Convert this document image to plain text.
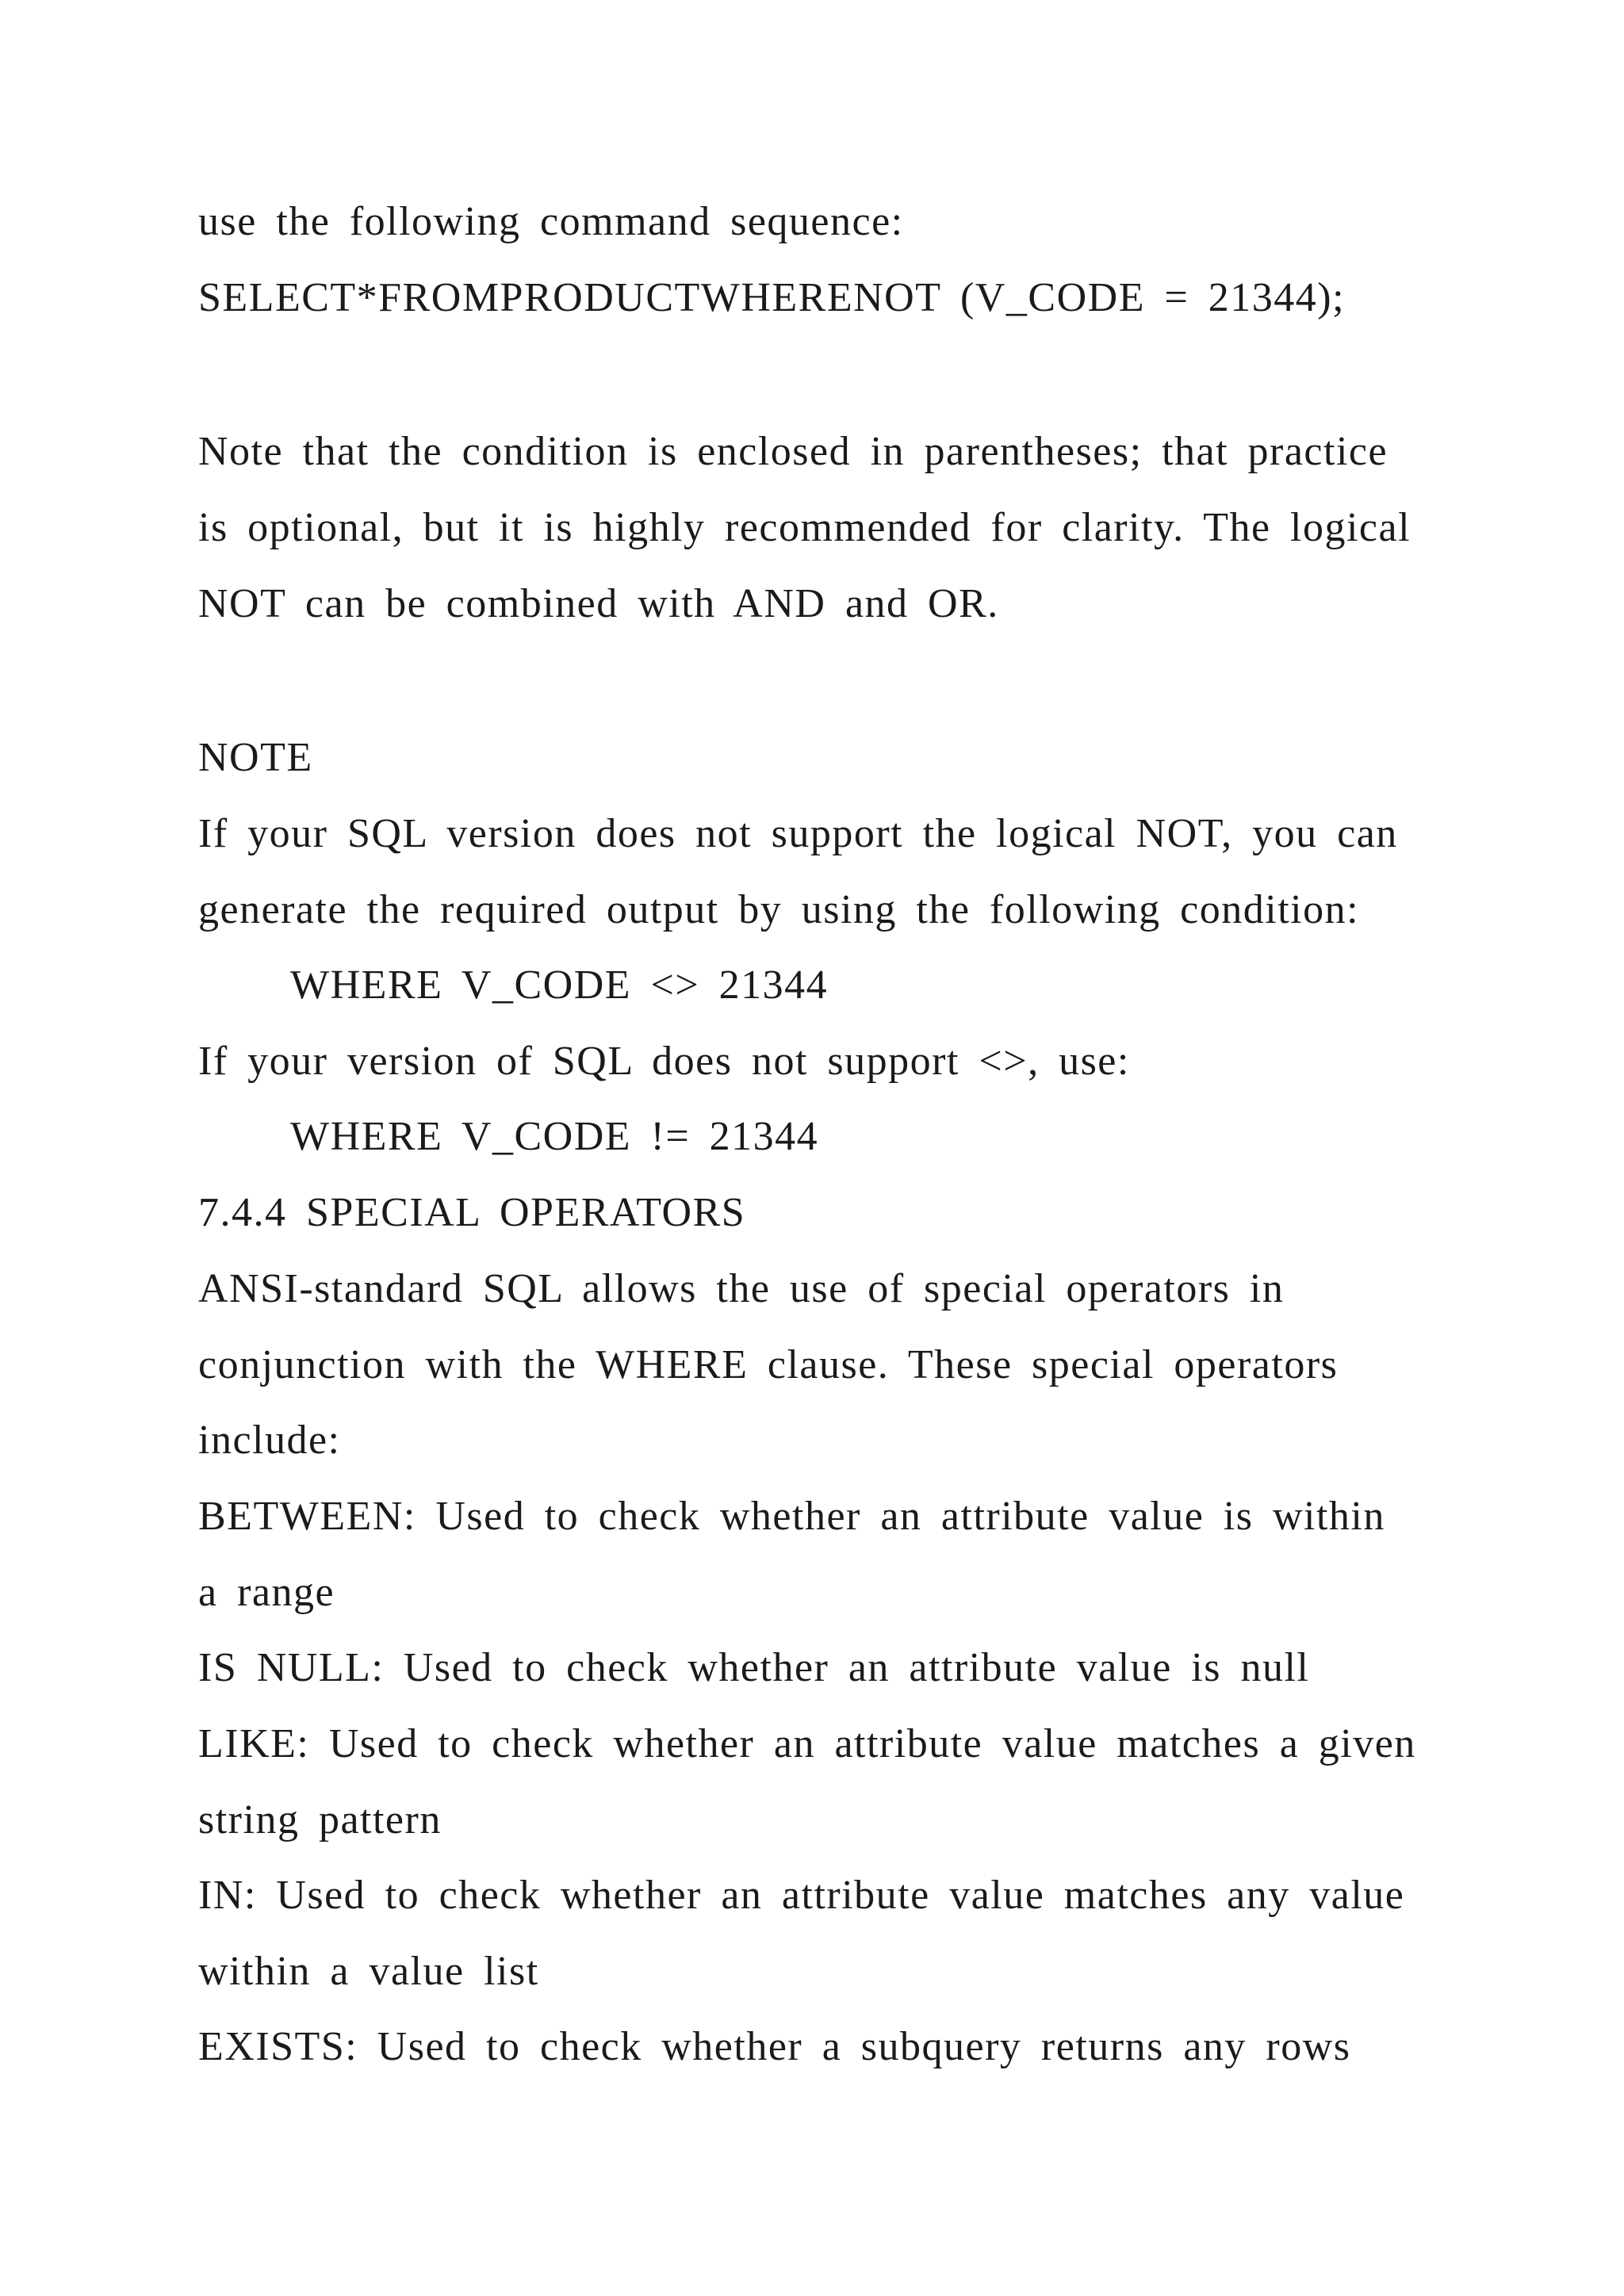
use the following command sequence:
SELECT*FROMPRODUCTWHERENOT (V_CODE = 21344);
Note that the condition is enclosed in parentheses; that practice
is optional, but it is highly recommended for clarity. The logical
NOT can be combined with AND and OR.
NOTE
If your SQL version does not support the logical NOT, you can
generate the required output by using the following condition:
WHERE V_CODE <> 21344
If your version of SQL does not support <>, use:
WHERE V_CODE != 21344
7.4.4 SPECIAL OPERATORS
ANSI-standard SQL allows the use of special operators in
conjunction with the WHERE clause. These special operators
include:
BETWEEN: Used to check whether an attribute value is within
a range
IS NULL: Used to check whether an attribute value is null
LIKE: Used to check whether an attribute value matches a given
string pattern
IN: Used to check whether an attribute value matches any value
within a value list
EXISTS: Used to check whether a subquery returns any rows
